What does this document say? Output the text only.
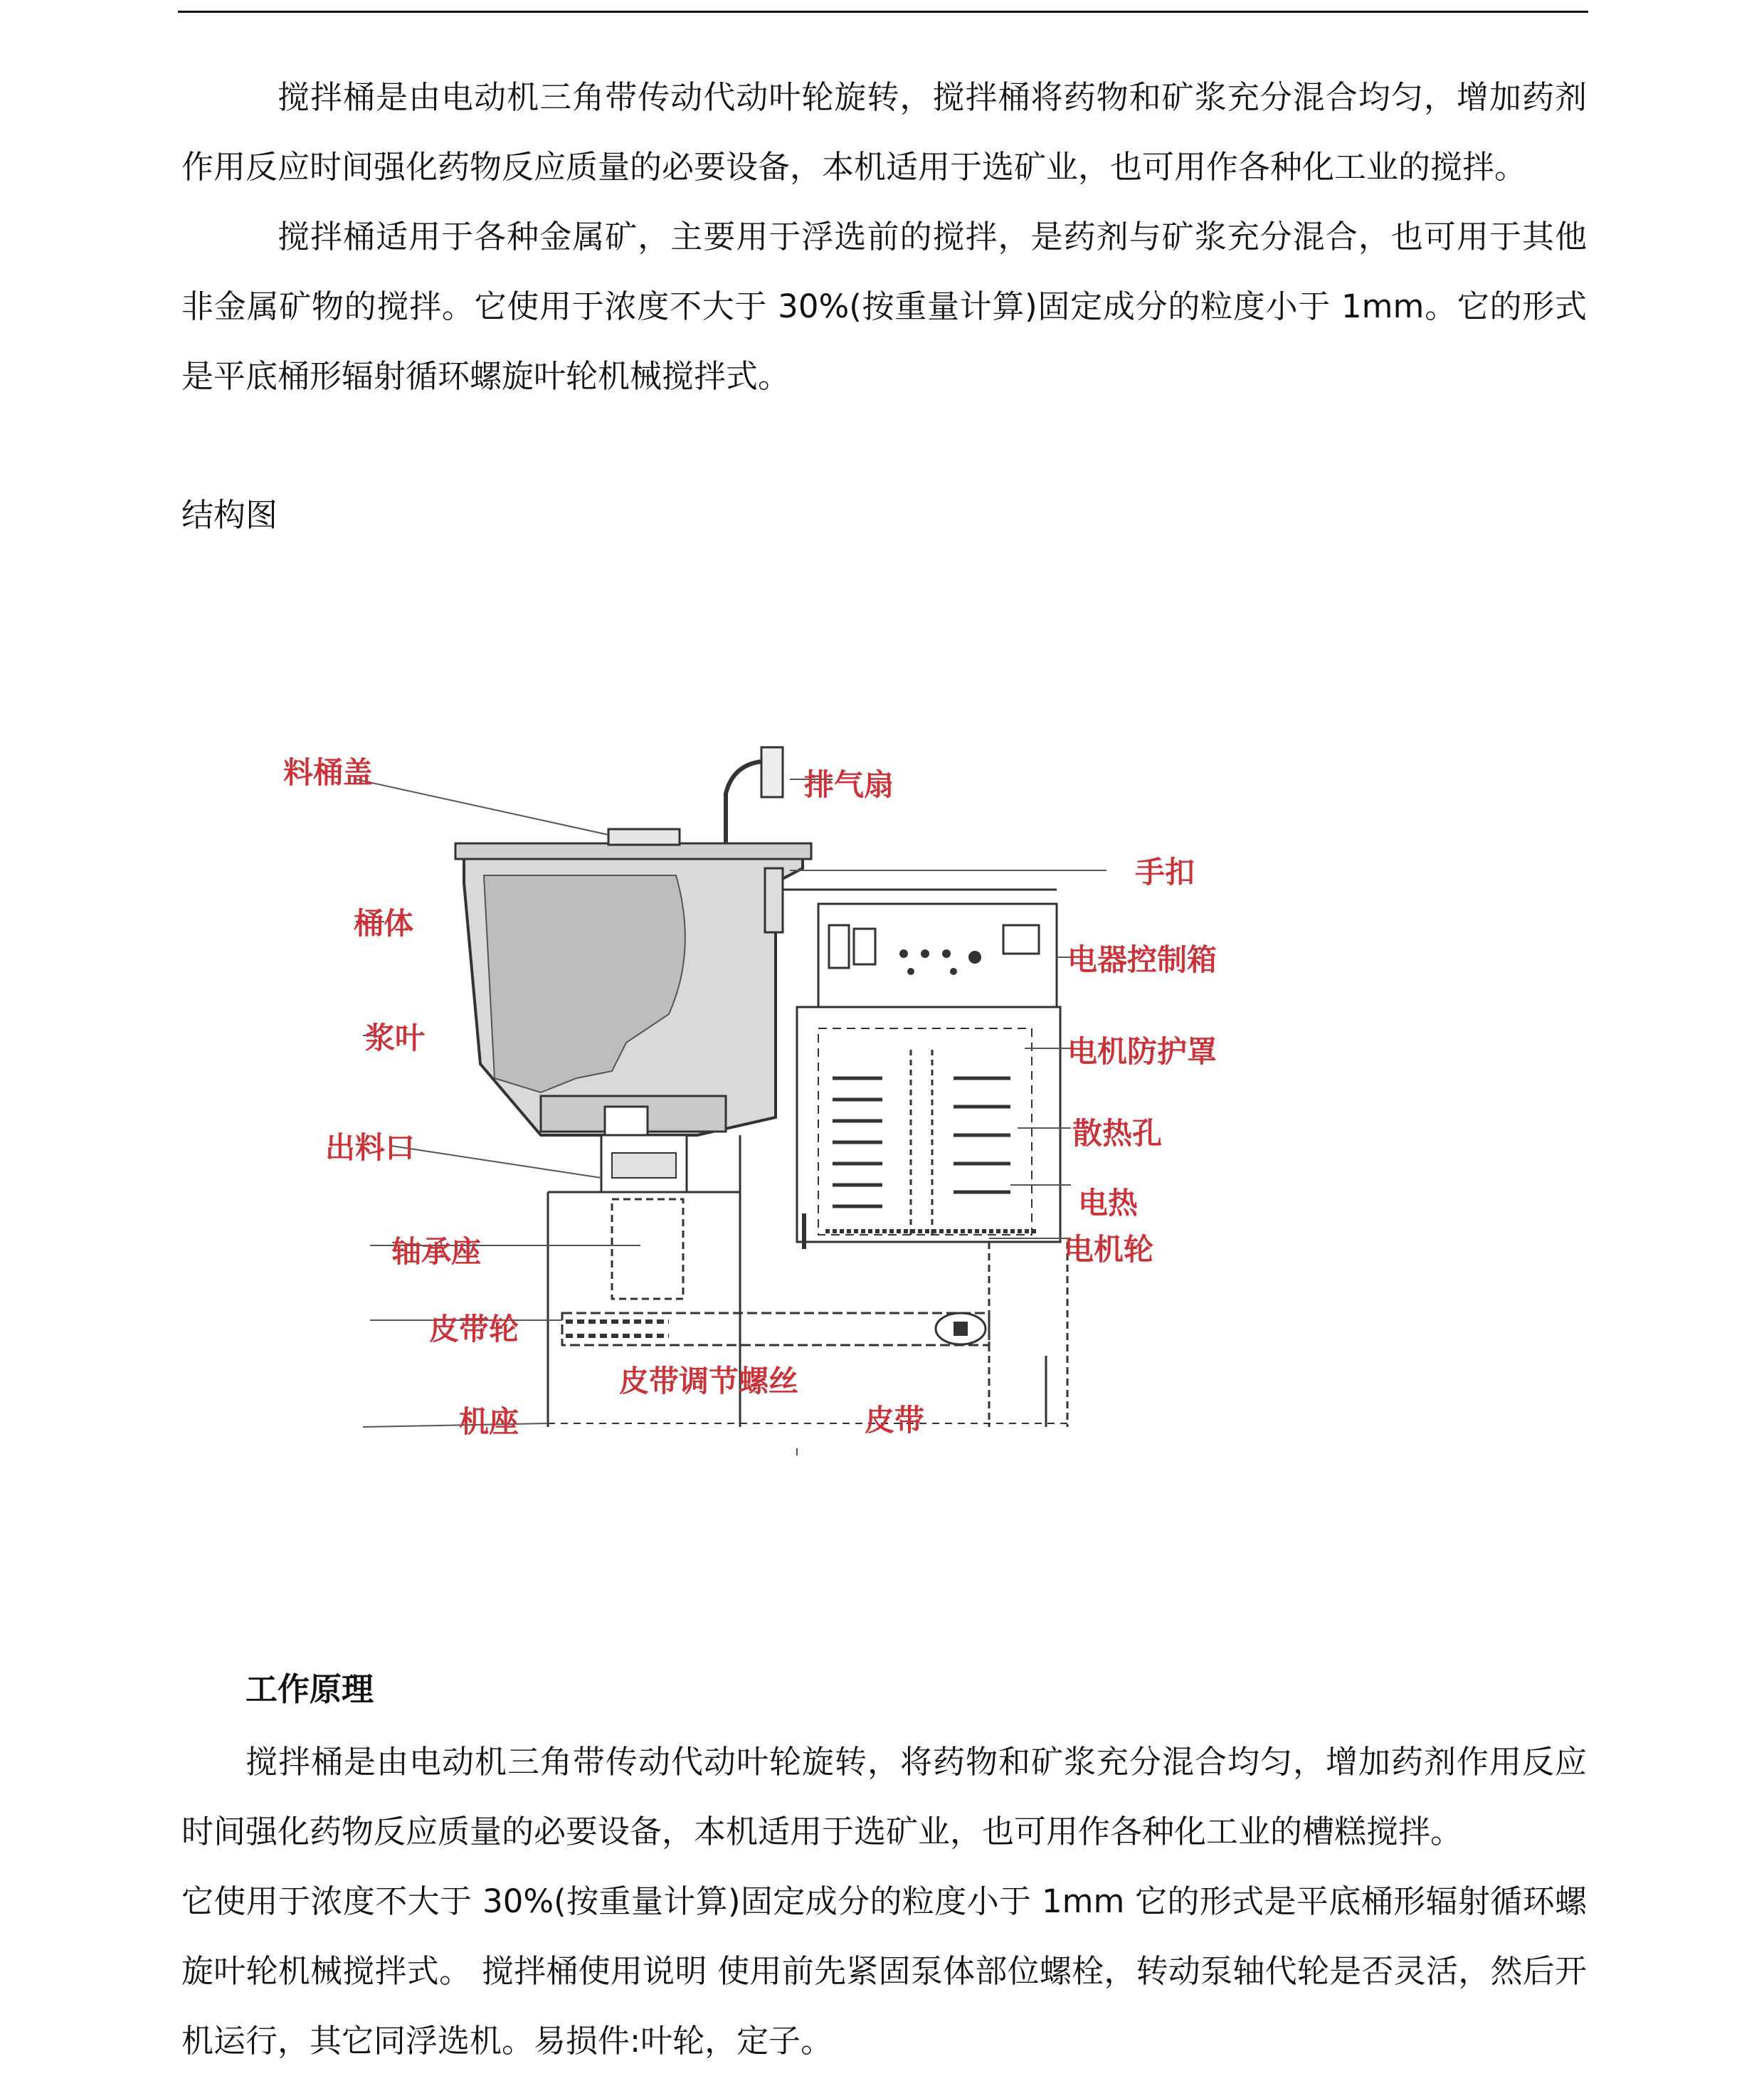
搅拌桶是由电动机三角带传动代动叶轮旋转，搅拌桶将药物和矿浆充分混合均匀，增加药剂作用反应时间强化药物反应质量的必要设备，本机适用于选矿业，也可用作各种化工业的搅拌。

搅拌桶适用于各种金属矿，主要用于浮选前的搅拌，是药剂与矿浆充分混合，也可用于其他非金属矿物的搅拌。它使用于浓度不大于 30%(按重量计算)固定成分的粒度小于 1mm。它的形式是平底桶形辐射循环螺旋叶轮机械搅拌式。

结构图

料桶盖	排气扇
手扣
桶体
电器控制箱
浆叶	电机防护罩
出料口	散热孔
电热
轴承座	电机轮
皮带轮
皮带调节螺丝
机座	皮带

工作原理

搅拌桶是由电动机三角带传动代动叶轮旋转，将药物和矿浆充分混合均匀，增加药剂作用反应时间强化药物反应质量的必要设备，本机适用于选矿业，也可用作各种化工业的槽糕搅拌。

它使用于浓度不大于 30%(按重量计算)固定成分的粒度小于 1mm 它的形式是平底桶形辐射循环螺旋叶轮机械搅拌式。 搅拌桶使用说明 使用前先紧固泵体部位螺栓，转动泵轴代轮是否灵活，然后开机运行，其它同浮选机。易损件:叶轮，定子。
